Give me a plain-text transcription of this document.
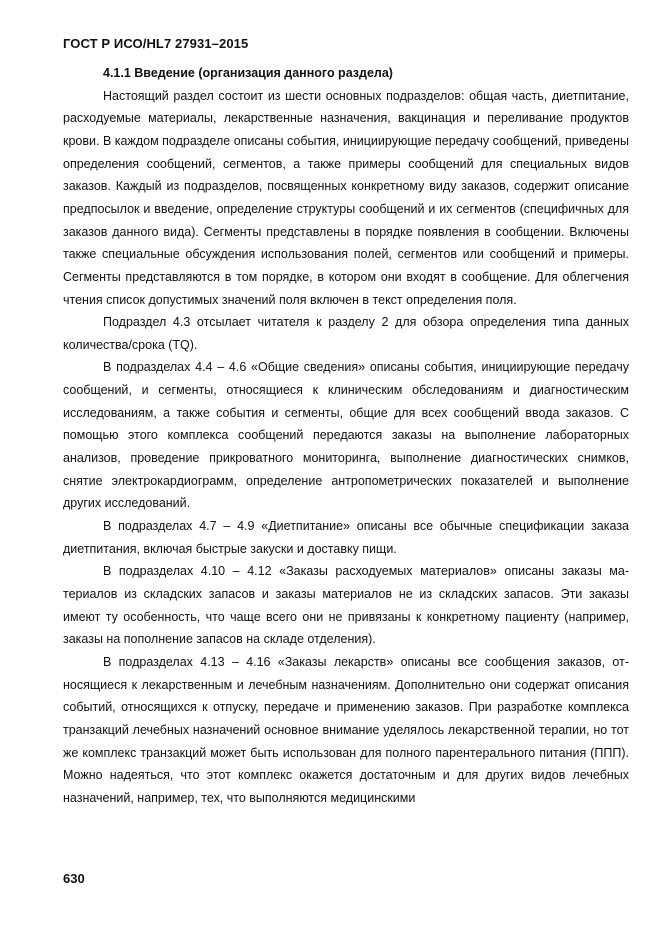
ГОСТ Р ИСО/HL7 27931–2015

4.1.1 Введение (организация данного раздела)

Настоящий раздел состоит из шести основных подразделов: общая часть, диетпитание, расходуемые материалы, лекарственные назначения, вакцинация и переливание продуктов крови. В каждом подразделе описаны события, инициирующие передачу сообщений, приведены определения сообщений, сегментов, а также примеры сообщений для специальных видов заказов. Каждый из подразделов, посвященных конкретному виду заказов, содержит описание предпосылок и введение, определение структуры сообщений и их сегментов (специфичных для заказов данного вида). Сегменты представлены в порядке появления в сообщении. Включены также специальные обсуждения использования полей, сегментов или сообщений и примеры. Сегменты представляются в том порядке, в котором они входят в сообщение. Для облегчения чтения список допустимых значений поля включен в текст определения поля.

Подраздел 4.3 отсылает читателя к разделу 2 для обзора определения типа данных количества/срока (TQ).

В подразделах 4.4 – 4.6 «Общие сведения» описаны события, инициирующие передачу сообщений, и сегменты, относящиеся к клиническим обследованиям и диагностическим исследованиям, а также события и сегменты, общие для всех сообщений ввода заказов. С помощью этого комплекса сообщений передаются заказы на выполнение лабораторных анализов, проведение прикроватного мониторинга, выполнение диагностических снимков, снятие электрокардиограмм, определение антропометрических показателей и выполнение других исследований.

В подразделах 4.7 – 4.9 «Диетпитание» описаны все обычные спецификации заказа диетпитания, включая быстрые закуски и доставку пищи.

В подразделах 4.10 – 4.12 «Заказы расходуемых материалов» описаны заказы материалов из складских запасов и заказы материалов не из складских запасов. Эти заказы имеют ту особенность, что чаще всего они не привязаны к конкретному пациенту (например, заказы на пополнение запасов на складе отделения).

В подразделах 4.13 – 4.16 «Заказы лекарств» описаны все сообщения заказов, относящиеся к лекарственным и лечебным назначениям. Дополнительно они содержат описания событий, относящихся к отпуску, передаче и применению заказов. При разработке комплекса транзакций лечебных назначений основное внимание уделялось лекарственной терапии, но тот же комплекс транзакций может быть использован для полного парентерального питания (ППП). Можно надеяться, что этот комплекс окажется достаточным и для других видов лечебных назначений, например, тех, что выполняются медицинскими

630
